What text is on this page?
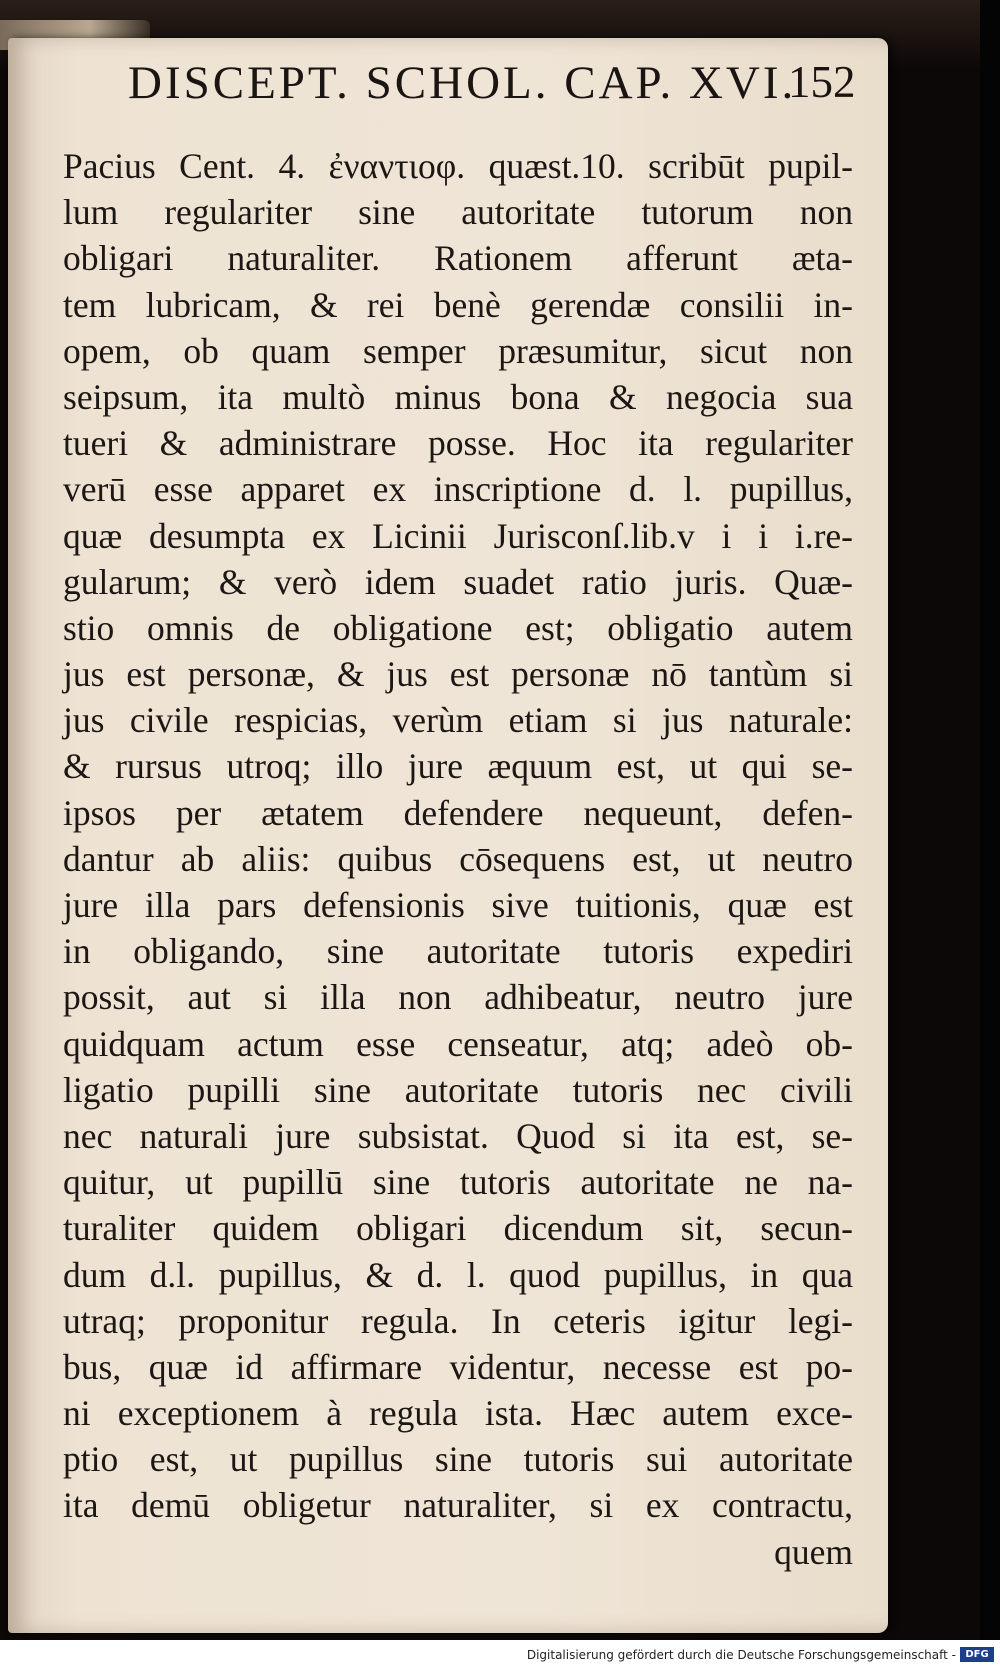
DISCEPT. SCHOL. CAP. XVI.
152
Pacius Cent. 4. ἐναντιοφ. quæst.10. scribūt pupil-
lum regulariter sine autoritate tutorum non
obligari naturaliter. Rationem afferunt æta-
tem lubricam, & rei benè gerendæ consilii in-
opem, ob quam semper præsumitur, sicut non
seipsum, ita multò minus bona & negocia sua
tueri & administrare posse. Hoc ita regulariter
verū esse apparet ex inscriptione d. l. pupillus,
quæ desumpta ex Licinii Jurisconſ.lib.v i i i.re-
gularum; & verò idem suadet ratio juris. Quæ-
stio omnis de obligatione est; obligatio autem
jus est personæ, & jus est personæ nō tantùm si
jus civile respicias, verùm etiam si jus naturale:
& rursus utroq; illo jure æquum est, ut qui se-
ipsos per ætatem defendere nequeunt, defen-
dantur ab aliis: quibus cōsequens est, ut neutro
jure illa pars defensionis sive tuitionis, quæ est
in obligando, sine autoritate tutoris expediri
possit, aut si illa non adhibeatur, neutro jure
quidquam actum esse censeatur, atq; adeò ob-
ligatio pupilli sine autoritate tutoris nec civili
nec naturali jure subsistat. Quod si ita est, se-
quitur, ut pupillū sine tutoris autoritate ne na-
turaliter quidem obligari dicendum sit, secun-
dum d.l. pupillus, & d. l. quod pupillus, in qua
utraq; proponitur regula. In ceteris igitur legi-
bus, quæ id affirmare videntur, necesse est po-
ni exceptionem à regula ista. Hæc autem exce-
ptio est, ut pupillus sine tutoris sui autoritate
ita demū obligetur naturaliter, si ex contractu,
quem
Digitalisierung gefördert durch die Deutsche Forschungsgemeinschaft - DFG
